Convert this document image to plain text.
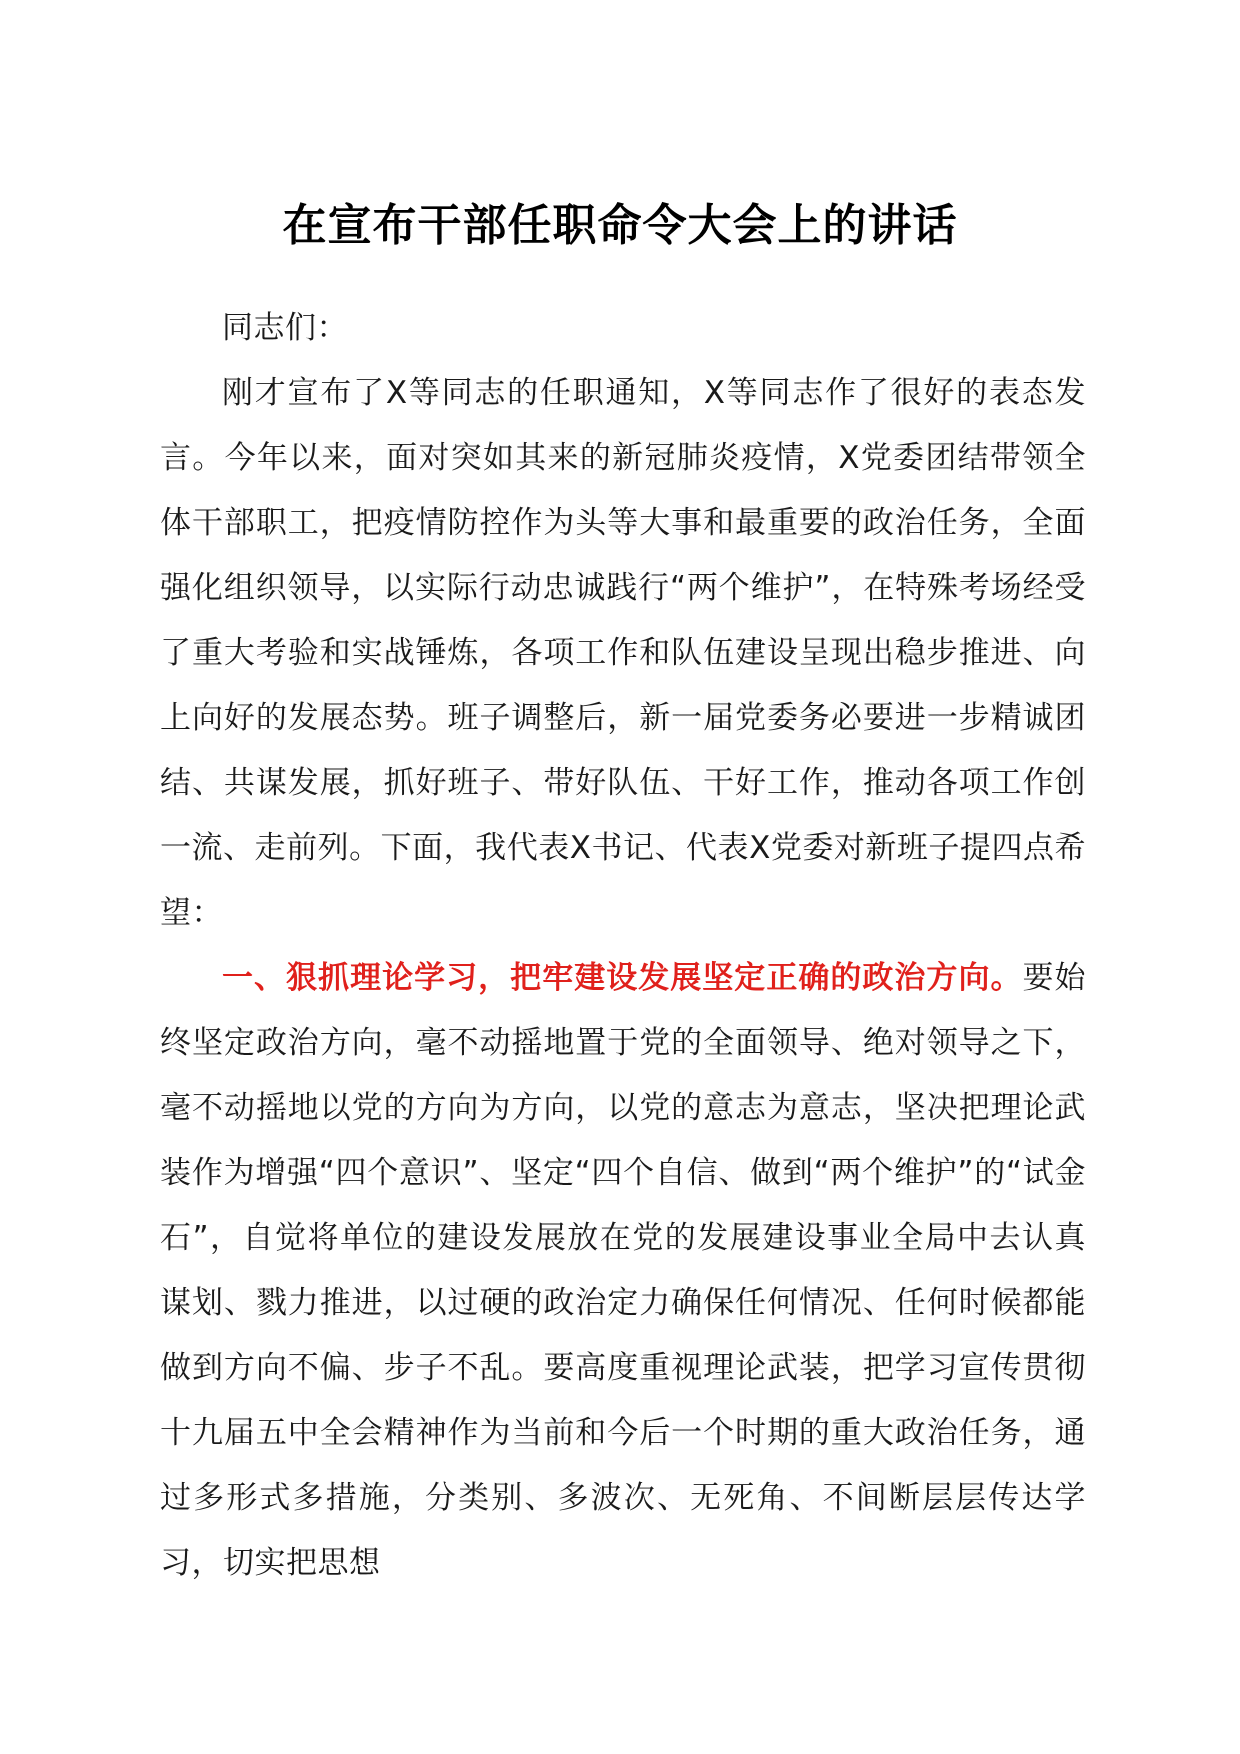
在宣布干部任职命令大会上的讲话

同志们：

刚才宣布了X等同志的任职通知，X等同志作了很好的表态发言。今年以来，面对突如其来的新冠肺炎疫情，X党委团结带领全体干部职工，把疫情防控作为头等大事和最重要的政治任务，全面强化组织领导，以实际行动忠诚践行“两个维护”，在特殊考场经受了重大考验和实战锤炼，各项工作和队伍建设呈现出稳步推进、向上向好的发展态势。班子调整后，新一届党委务必要进一步精诚团结、共谋发展，抓好班子、带好队伍、干好工作，推动各项工作创一流、走前列。下面，我代表X书记、代表X党委对新班子提四点希望：

一、狠抓理论学习，把牢建设发展坚定正确的政治方向。要始终坚定政治方向，毫不动摇地置于党的全面领导、绝对领导之下，毫不动摇地以党的方向为方向，以党的意志为意志，坚决把理论武装作为增强“四个意识”、坚定“四个自信、做到“两个维护”的“试金石”，自觉将单位的建设发展放在党的发展建设事业全局中去认真谋划、戮力推进，以过硬的政治定力确保任何情况、任何时候都能做到方向不偏、步子不乱。要高度重视理论武装，把学习宣传贯彻十九届五中全会精神作为当前和今后一个时期的重大政治任务，通过多形式多措施，分类别、多波次、无死角、不间断层层传达学习，切实把思想
